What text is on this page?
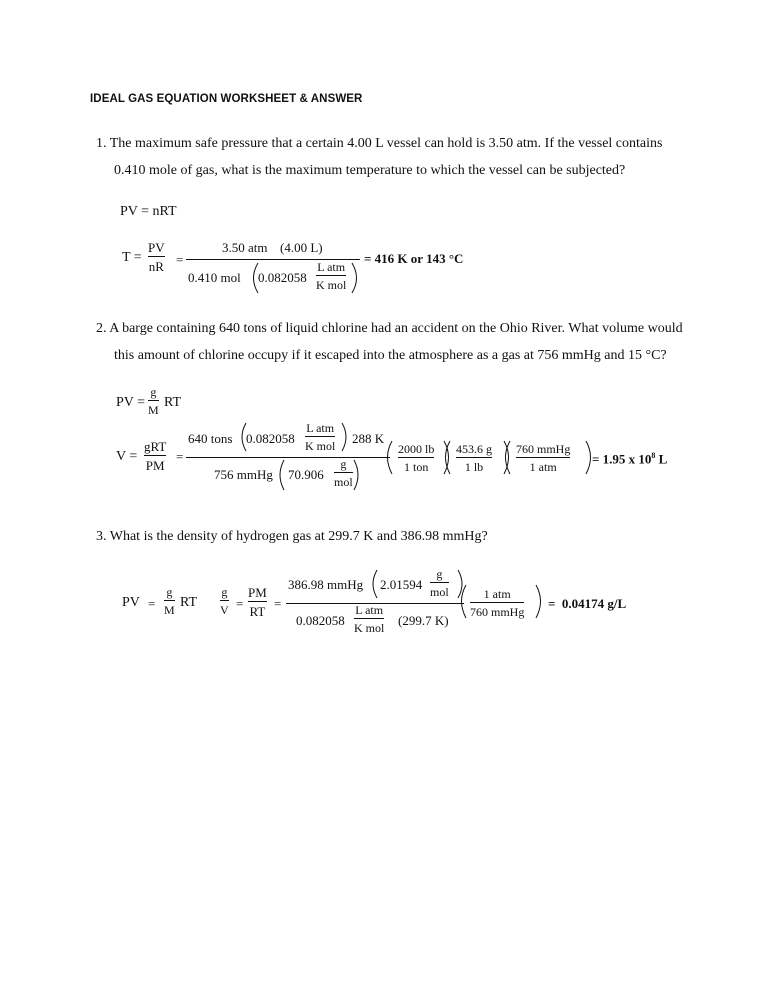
IDEAL GAS EQUATION WORKSHEET & ANSWER
1. The maximum safe pressure that a certain 4.00 L vessel can hold is 3.50 atm. If the vessel contains
0.410 mole of gas, what is the maximum temperature to which the vessel can be subjected?
PV = nRT
T =
PV
nR =
3.50 atm (4.00 L)
0.410 mol 0.082058
L atm
K mol
= 416 K or 143 °C
2. A barge containing 640 tons of liquid chlorine had an accident on the Ohio River. What volume would
this amount of chlorine occupy if it escaped into the atmosphere as a gas at 756 mmHg and 15 °C?
PV =
g
M RT
V =
gRT
PM
=
640 tons 0.082058
L atm
K mol 288 K
756 mmHg 70.906
g
mol
2000 lb
1 ton
453.6 g
1 lb
760 mmHg
1 atm
= 1.95 x $10^8$ L
3. What is the density of hydrogen gas at 299.7 K and 386.98 mmHg?
PV =
g
M RT
g
V =
PM
RT
=
386.98 mmHg 2.01594
g
mol
0.082058
L atm
K mol (299.7 K)
1 atm
760 mmHg
=  0.04174 g/L
